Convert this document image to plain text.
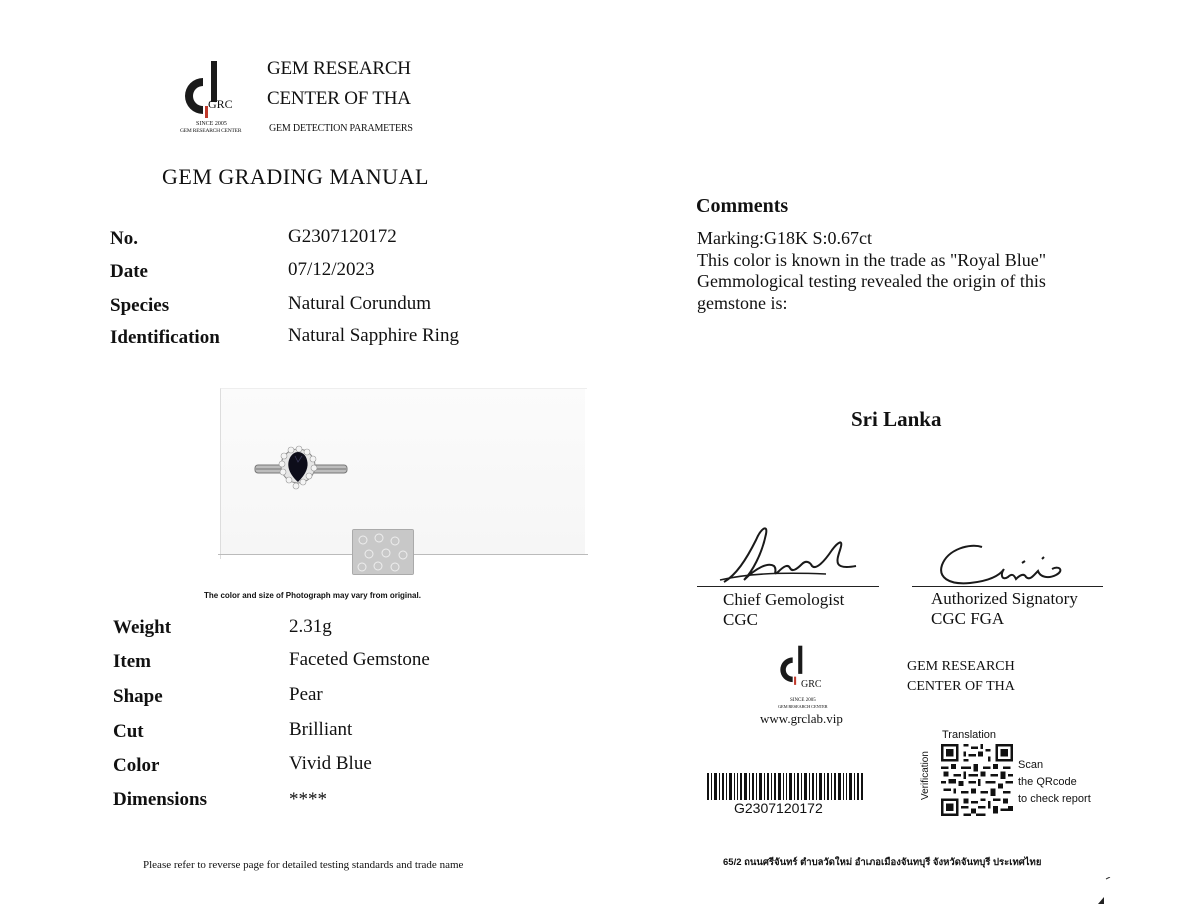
GRC
SINCE 2005
GEM RESEARCH CENTER
GEM RESEARCH
CENTER OF THA
GEM DETECTION PARAMETERS
GEM GRADING MANUAL
No.	G2307120172
Date	07/12/2023
Species	Natural Corundum
Identification	Natural Sapphire Ring
The color and size of Photograph may vary from original.
Weight	2.31g
Item	Faceted Gemstone
Shape	Pear
Cut	Brilliant
Color	Vivid Blue
Dimensions	****
Please refer to reverse page for detailed testing standards and trade name
Comments
Marking:G18K S:0.67ct
This color is known in the trade as "Royal Blue"
Gemmological testing revealed the origin of this
gemstone is:
Sri Lanka
Chief Gemologist
CGC
Authorized Signatory
CGC FGA
GRC
SINCE 2005
GEM RESEARCH CENTER
www.grclab.vip
GEM RESEARCH
CENTER OF THA
G2307120172
Translation
Verification	Scan
the QRcode
to check report
65/2 ถนนศรีจันทร์ ตำบลวัดใหม่ อำเภอเมืองจันทบุรี จังหวัดจันทบุรี ประเทศไทย
